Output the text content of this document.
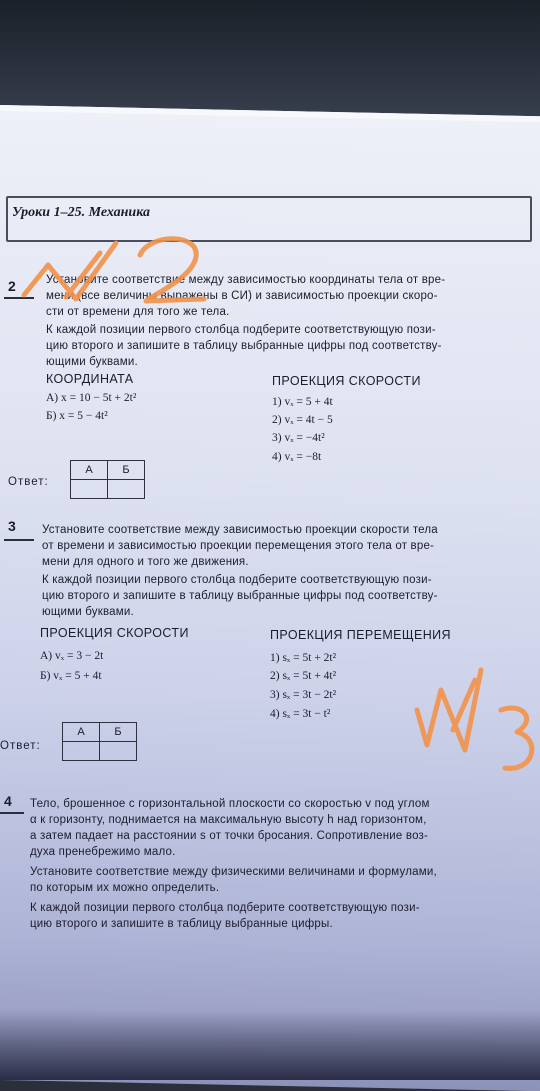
Уроки 1–25. Механика
2	Установите соответствие между зависимостью координаты тела от вре-
мени (все величины выражены в СИ) и зависимостью проекции скоро-
сти от времени для того же тела.
К каждой позиции первого столбца подберите соответствующую пози-
цию второго и запишите в таблицу выбранные цифры под соответству-
ющими буквами.
КООРДИНАТА	ПРОЕКЦИЯ СКОРОСТИ
А) x = 10 − 5t + 2t²
Б) x = 5 − 4t²
1) vₓ = 5 + 4t
2) vₓ = 4t − 5
3) vₓ = −4t²
4) vₓ = −8t
Ответ:
А	Б

3 Установите соответствие между зависимостью проекции скорости тела
от времени и зависимостью проекции перемещения этого тела от вре-
мени для одного и того же движения.
К каждой позиции первого столбца подберите соответствующую пози-
цию второго и запишите в таблицу выбранные цифры под соответству-
ющими буквами.
ПРОЕКЦИЯ СКОРОСТИ	ПРОЕКЦИЯ ПЕРЕМЕЩЕНИЯ
А) vₓ = 3 − 2t
Б) vₓ = 5 + 4t
1) sₓ = 5t + 2t²
2) sₓ = 5t + 4t²
3) sₓ = 3t − 2t²
4) sₓ = 3t − t²
Ответ:
А	Б

4 Тело, брошенное с горизонтальной плоскости со скоростью v под углом
α к горизонту, поднимается на максимальную высоту h над горизонтом,
а затем падает на расстоянии s от точки бросания. Сопротивление воз-
духа пренебрежимо мало.
Установите соответствие между физическими величинами и формулами,
по которым их можно определить.
К каждой позиции первого столбца подберите соответствующую пози-
цию второго и запишите в таблицу выбранные цифры.
